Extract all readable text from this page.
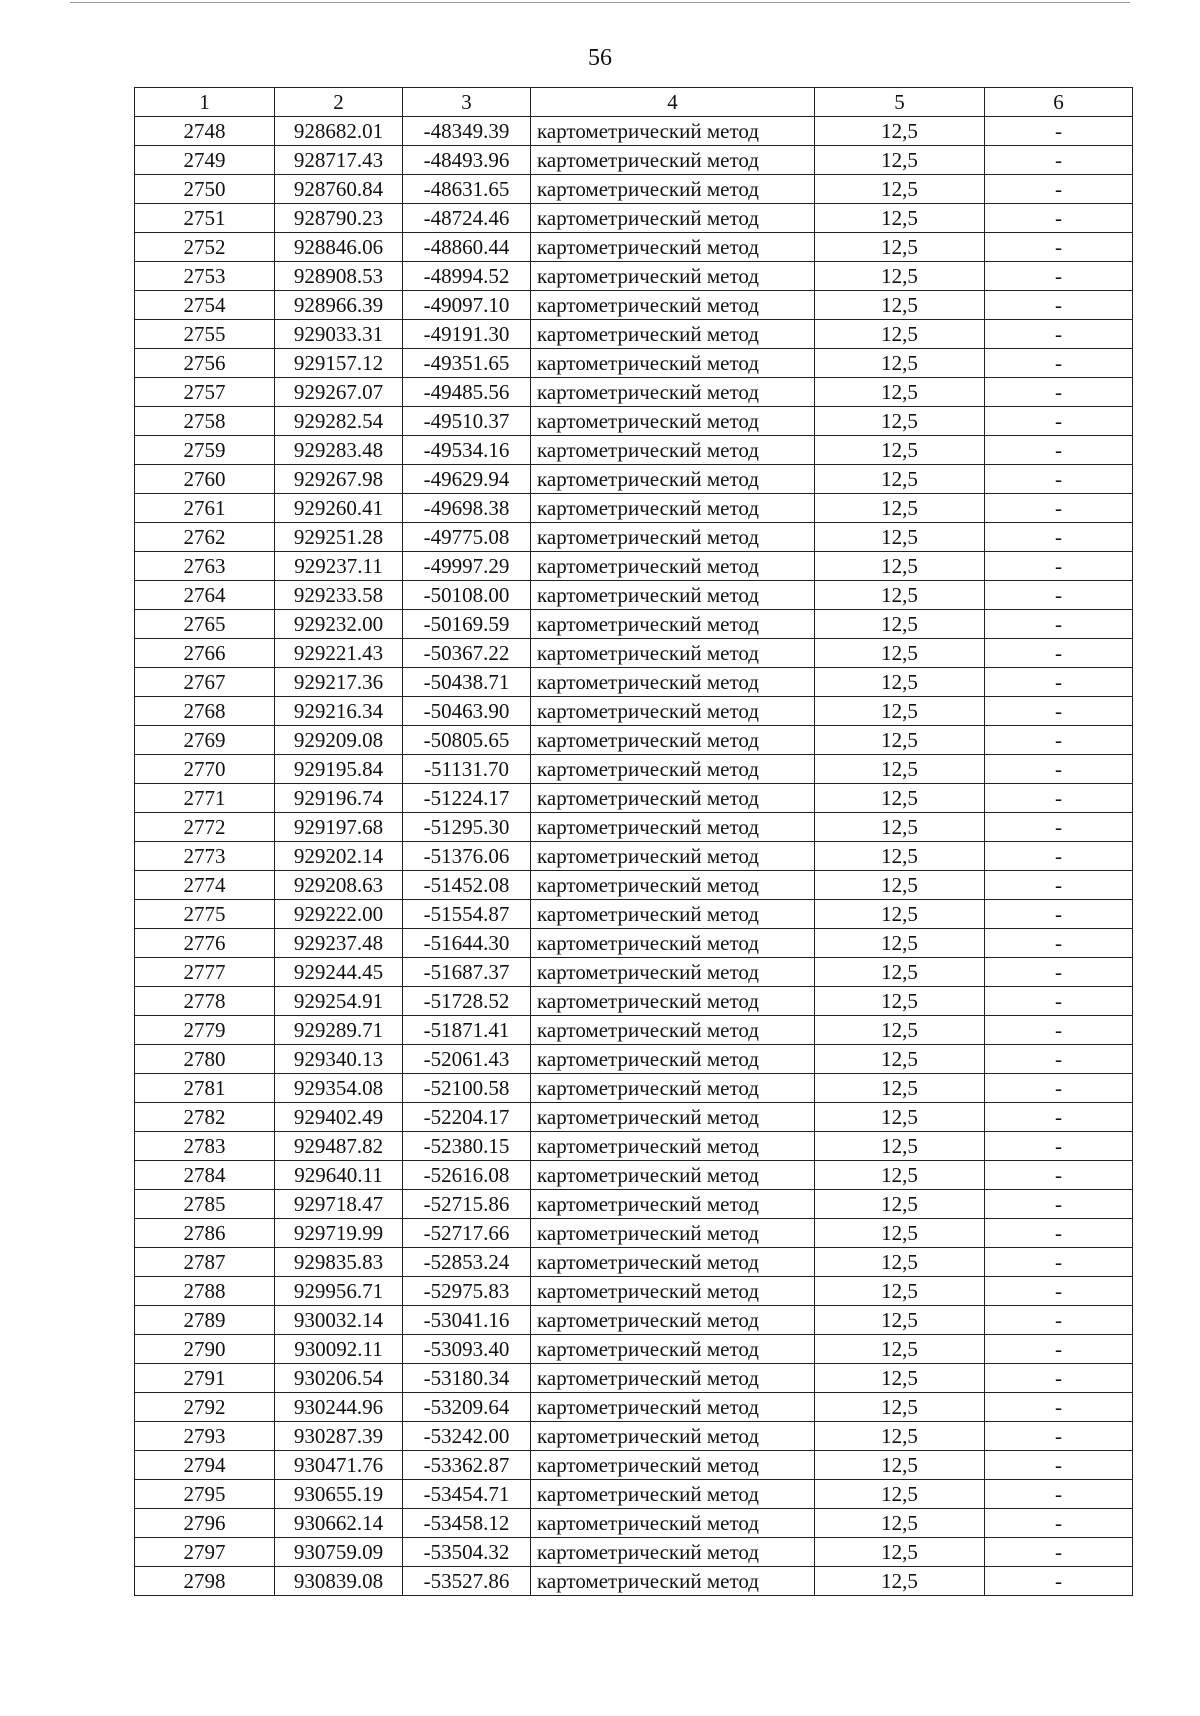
56
1	2	3	4	5	6
2748	928682.01	-48349.39	картометрический метод	12,5	-
2749	928717.43	-48493.96	картометрический метод	12,5	-
2750	928760.84	-48631.65	картометрический метод	12,5	-
2751	928790.23	-48724.46	картометрический метод	12,5	-
2752	928846.06	-48860.44	картометрический метод	12,5	-
2753	928908.53	-48994.52	картометрический метод	12,5	-
2754	928966.39	-49097.10	картометрический метод	12,5	-
2755	929033.31	-49191.30	картометрический метод	12,5	-
2756	929157.12	-49351.65	картометрический метод	12,5	-
2757	929267.07	-49485.56	картометрический метод	12,5	-
2758	929282.54	-49510.37	картометрический метод	12,5	-
2759	929283.48	-49534.16	картометрический метод	12,5	-
2760	929267.98	-49629.94	картометрический метод	12,5	-
2761	929260.41	-49698.38	картометрический метод	12,5	-
2762	929251.28	-49775.08	картометрический метод	12,5	-
2763	929237.11	-49997.29	картометрический метод	12,5	-
2764	929233.58	-50108.00	картометрический метод	12,5	-
2765	929232.00	-50169.59	картометрический метод	12,5	-
2766	929221.43	-50367.22	картометрический метод	12,5	-
2767	929217.36	-50438.71	картометрический метод	12,5	-
2768	929216.34	-50463.90	картометрический метод	12,5	-
2769	929209.08	-50805.65	картометрический метод	12,5	-
2770	929195.84	-51131.70	картометрический метод	12,5	-
2771	929196.74	-51224.17	картометрический метод	12,5	-
2772	929197.68	-51295.30	картометрический метод	12,5	-
2773	929202.14	-51376.06	картометрический метод	12,5	-
2774	929208.63	-51452.08	картометрический метод	12,5	-
2775	929222.00	-51554.87	картометрический метод	12,5	-
2776	929237.48	-51644.30	картометрический метод	12,5	-
2777	929244.45	-51687.37	картометрический метод	12,5	-
2778	929254.91	-51728.52	картометрический метод	12,5	-
2779	929289.71	-51871.41	картометрический метод	12,5	-
2780	929340.13	-52061.43	картометрический метод	12,5	-
2781	929354.08	-52100.58	картометрический метод	12,5	-
2782	929402.49	-52204.17	картометрический метод	12,5	-
2783	929487.82	-52380.15	картометрический метод	12,5	-
2784	929640.11	-52616.08	картометрический метод	12,5	-
2785	929718.47	-52715.86	картометрический метод	12,5	-
2786	929719.99	-52717.66	картометрический метод	12,5	-
2787	929835.83	-52853.24	картометрический метод	12,5	-
2788	929956.71	-52975.83	картометрический метод	12,5	-
2789	930032.14	-53041.16	картометрический метод	12,5	-
2790	930092.11	-53093.40	картометрический метод	12,5	-
2791	930206.54	-53180.34	картометрический метод	12,5	-
2792	930244.96	-53209.64	картометрический метод	12,5	-
2793	930287.39	-53242.00	картометрический метод	12,5	-
2794	930471.76	-53362.87	картометрический метод	12,5	-
2795	930655.19	-53454.71	картометрический метод	12,5	-
2796	930662.14	-53458.12	картометрический метод	12,5	-
2797	930759.09	-53504.32	картометрический метод	12,5	-
2798	930839.08	-53527.86	картометрический метод	12,5	-
